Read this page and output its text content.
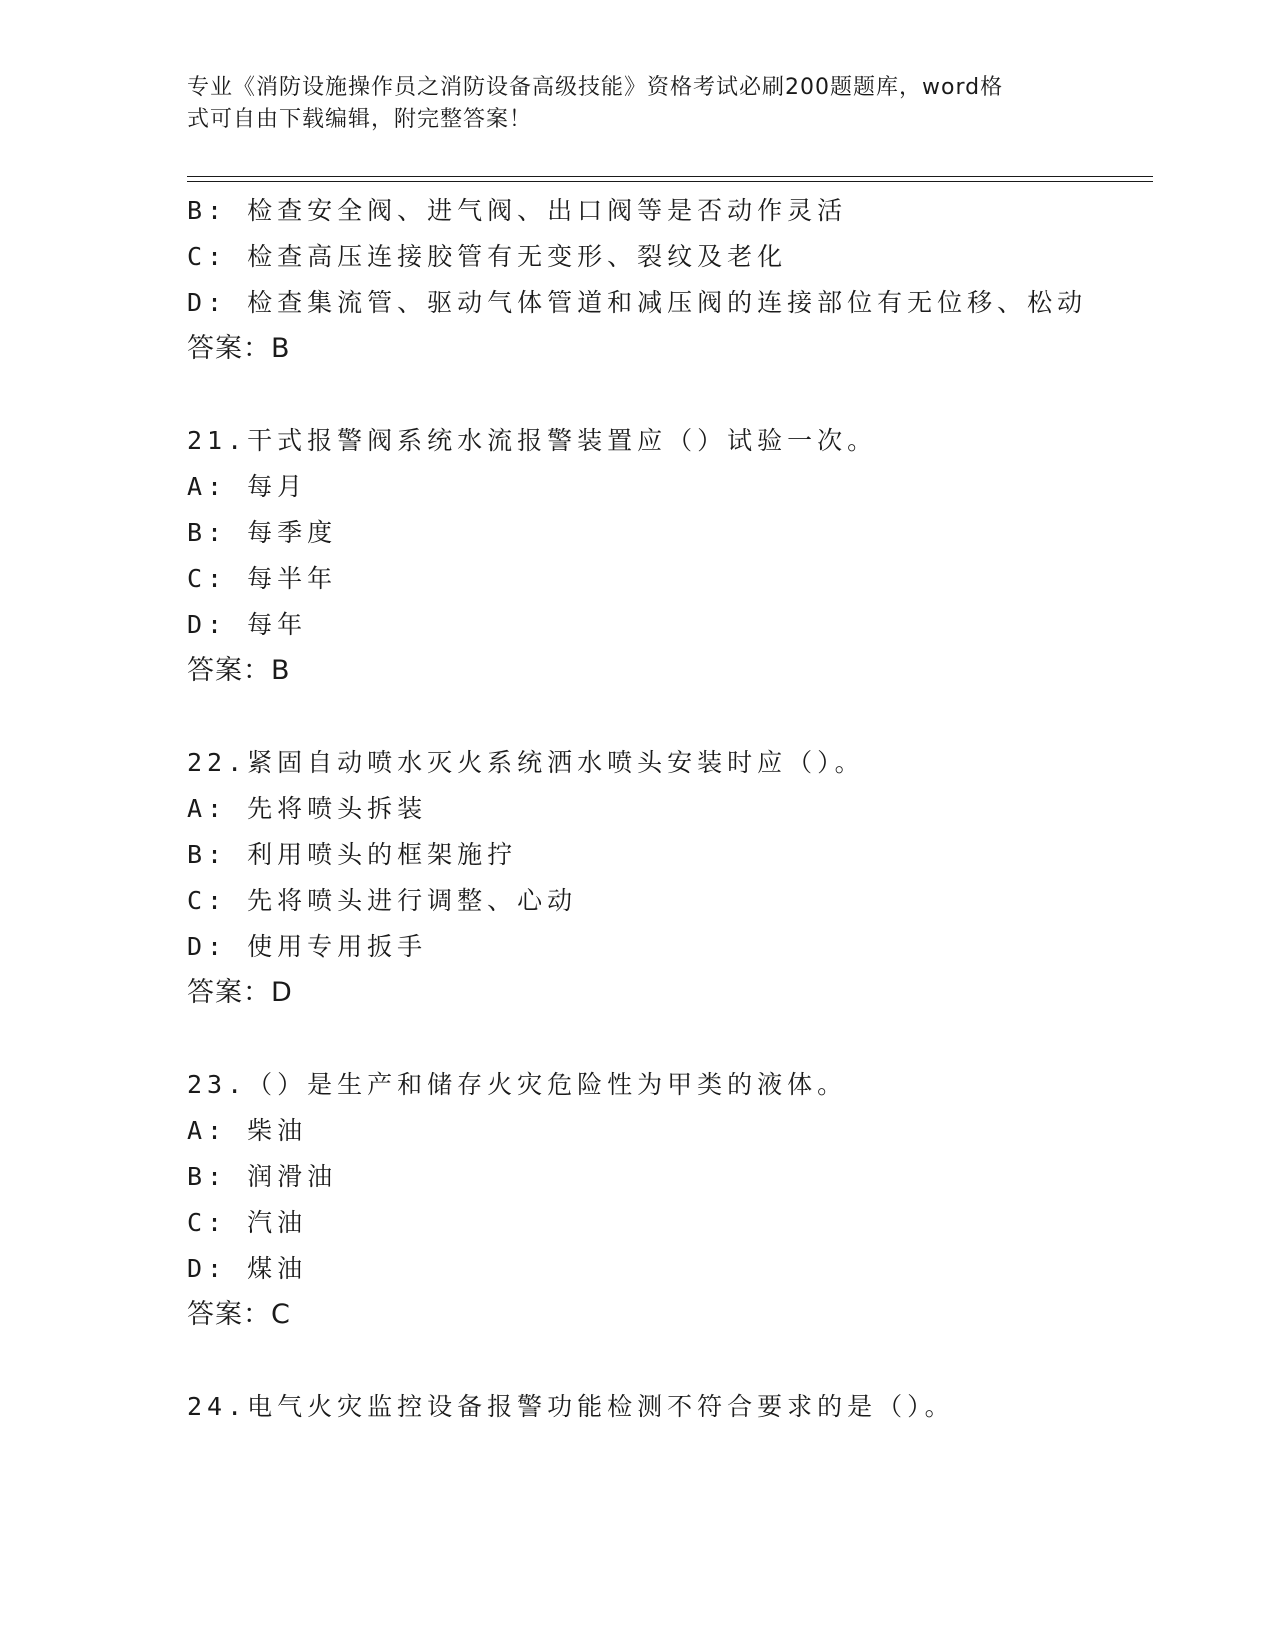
专业《消防设施操作员之消防设备高级技能》资格考试必刷200题题库，word格
式可自由下载编辑，附完整答案！
B: 检查安全阀、进气阀、出口阀等是否动作灵活
C: 检查高压连接胶管有无变形、裂纹及老化
D: 检查集流管、驱动气体管道和减压阀的连接部位有无位移、松动
答案：B
21.干式报警阀系统水流报警装置应（）试验一次。
A: 每月
B: 每季度
C: 每半年
D: 每年
答案：B
22.紧固自动喷水灭火系统洒水喷头安装时应（）。
A: 先将喷头拆装
B: 利用喷头的框架施拧
C: 先将喷头进行调整、心动
D: 使用专用扳手
答案：D
23.（）是生产和储存火灾危险性为甲类的液体。
A: 柴油
B: 润滑油
C: 汽油
D: 煤油
答案：C
24.电气火灾监控设备报警功能检测不符合要求的是（）。
